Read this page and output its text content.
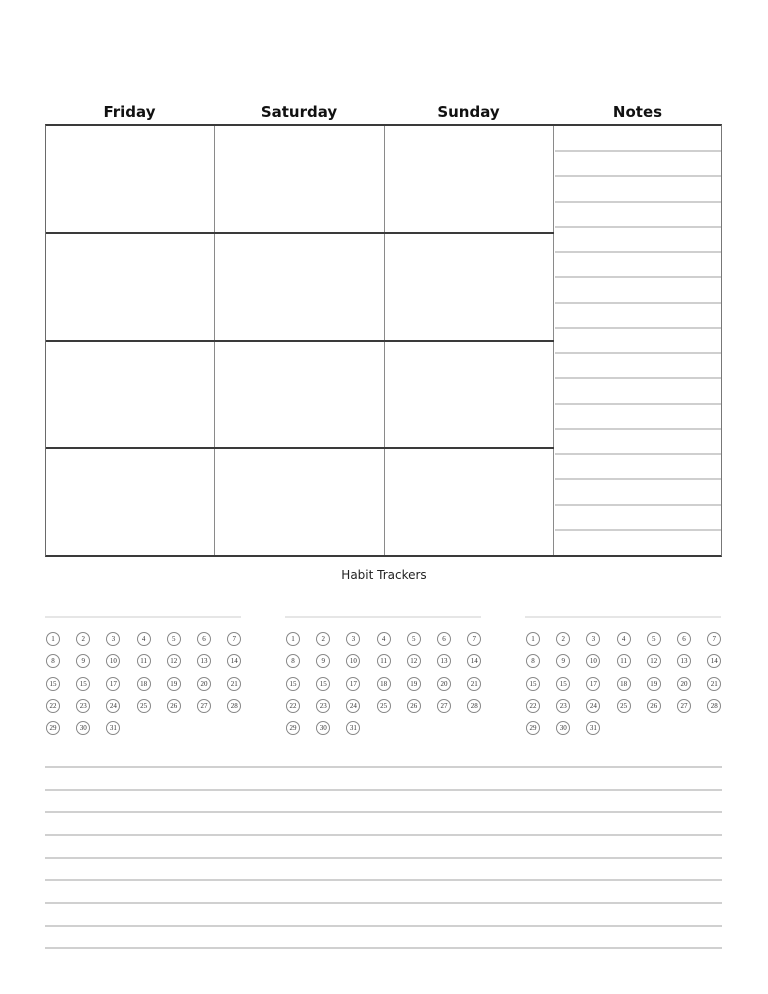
Friday	Saturday	Sunday	Notes
Habit Trackers
1	2	3	4	5	6	7
8	9	10	11	12	13	14
15	15	17	18	19	20	21
22	23	24	25	26	27	28
29	30	31
1	2	3	4	5	6	7
8	9	10	11	12	13	14
15	15	17	18	19	20	21
22	23	24	25	26	27	28
29	30	31
1	2	3	4	5	6	7
8	9	10	11	12	13	14
15	15	17	18	19	20	21
22	23	24	25	26	27	28
29	30	31
